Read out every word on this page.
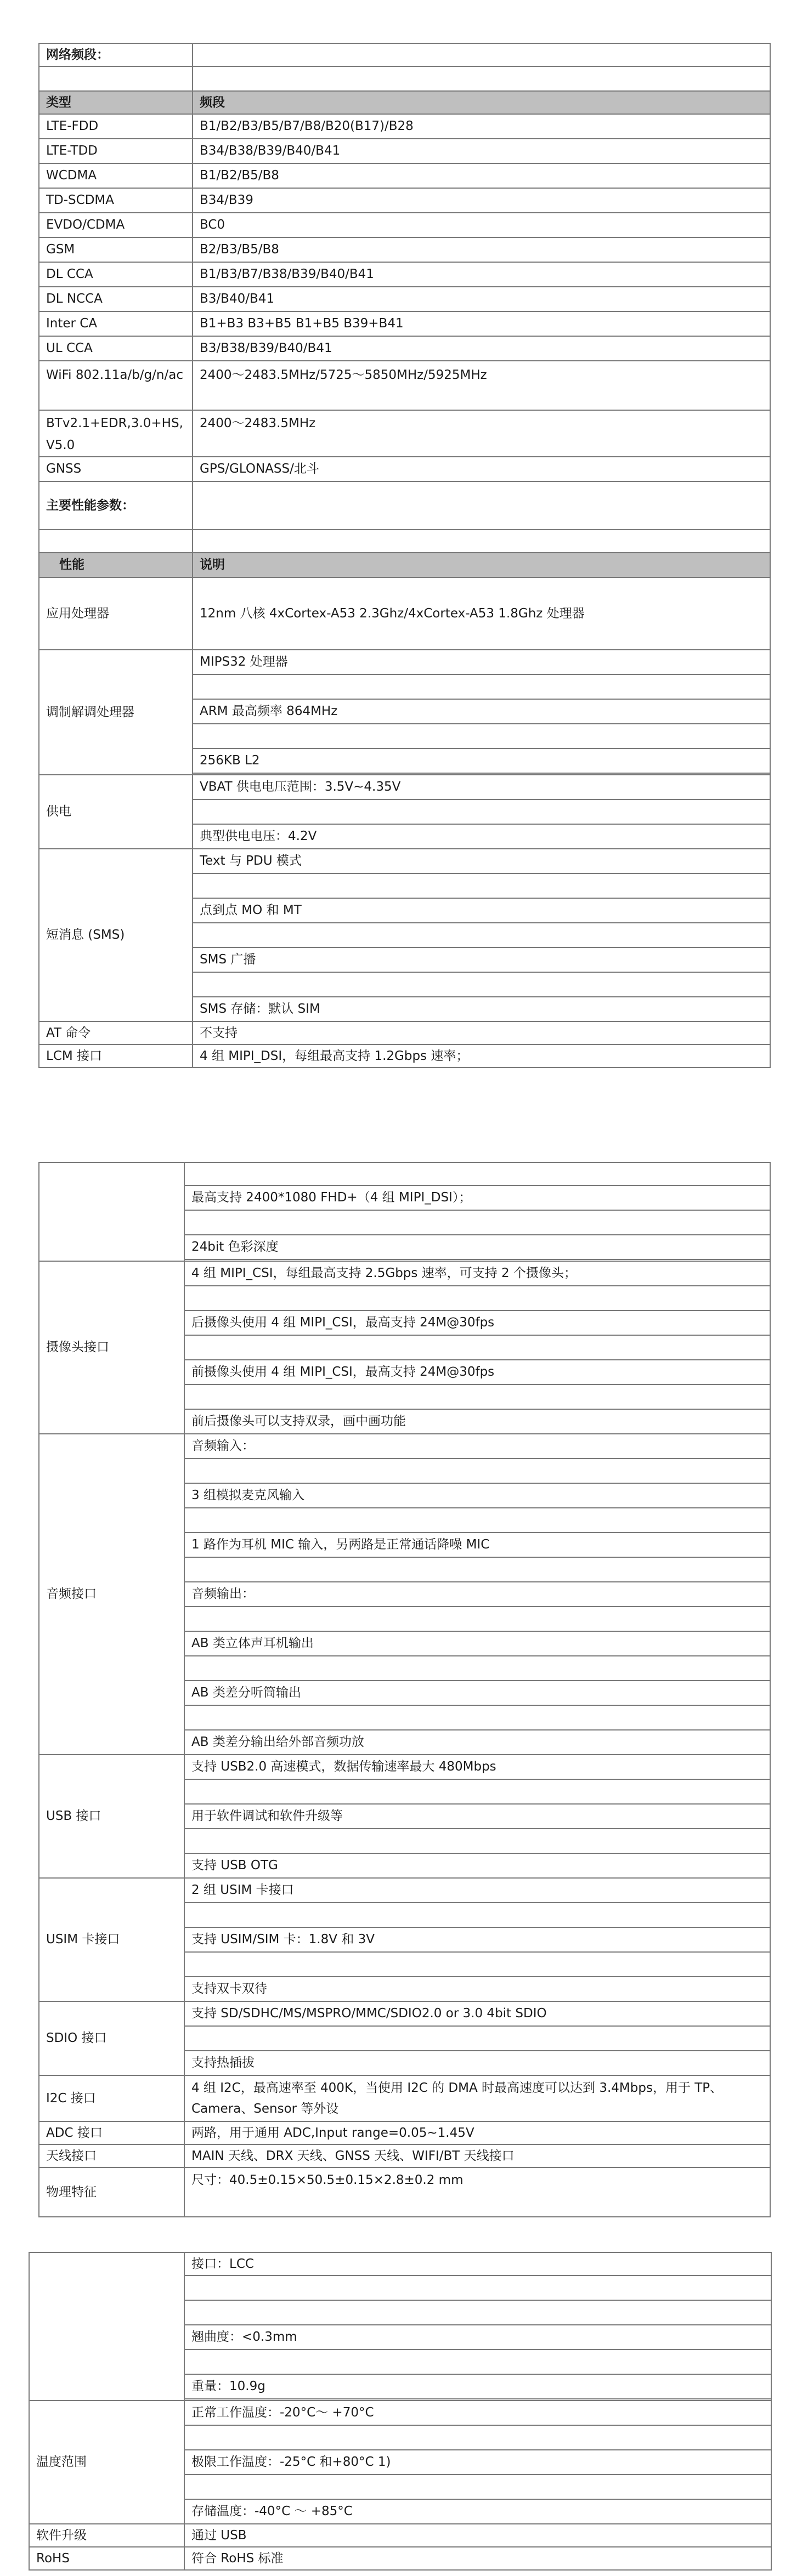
网络频段：	

类型	频段
LTE-FDD	B1/B2/B3/B5/B7/B8/B20(B17)/B28
LTE-TDD	B34/B38/B39/B40/B41
WCDMA	B1/B2/B5/B8
TD-SCDMA	B34/B39
EVDO/CDMA	BC0
GSM	B2/B3/B5/B8
DL CCA	B1/B3/B7/B38/B39/B40/B41
DL NCCA	B3/B40/B41
Inter CA	B1+B3 B3+B5 B1+B5 B39+B41
UL CCA	B3/B38/B39/B40/B41
WiFi 802.11a/b/g/n/ac	2400～2483.5MHz/5725～5850MHz/5925MHz
BTv2.1+EDR,3.0+HS, V5.0	2400～2483.5MHz
GNSS	GPS/GLONASS/北斗
主要性能参数：	

性能	说明
应用处理器	12nm 八核 4xCortex-A53 2.3Ghz/4xCortex-A53 1.8Ghz 处理器
调制解调处理器	MIPS32 处理器

	ARM 最高频率 864MHz

	256KB L2

供电	VBAT 供电电压范围：3.5V~4.35V

	典型供电电压：4.2V
短消息 (SMS)	Text 与 PDU 模式

	点到点 MO 和 MT

	SMS 广播

	SMS 存储：默认 SIM
AT 命令	不支持
LCM 接口	4 组 MIPI_DSI，每组最高支持 1.2Gbps 速率；

	最高支持 2400*1080 FHD+（4 组 MIPI_DSI）；

	24bit 色彩深度

摄像头接口	4 组 MIPI_CSI，每组最高支持 2.5Gbps 速率，可支持 2 个摄像头；

	后摄像头使用 4 组 MIPI_CSI，最高支持 24M@30fps

	前摄像头使用 4 组 MIPI_CSI，最高支持 24M@30fps

	前后摄像头可以支持双录，画中画功能
音频接口	音频输入：

	3 组模拟麦克风输入

	1 路作为耳机 MIC 输入，另两路是正常通话降噪 MIC

	音频输出：

	AB 类立体声耳机输出

	AB 类差分听筒输出

	AB 类差分输出给外部音频功放
USB 接口	支持 USB2.0 高速模式，数据传输速率最大 480Mbps

	用于软件调试和软件升级等

	支持 USB OTG
USIM 卡接口	2 组 USIM 卡接口

	支持 USIM/SIM 卡：1.8V 和 3V

	支持双卡双待
SDIO 接口	支持 SD/SDHC/MS/MSPRO/MMC/SDIO2.0 or 3.0 4bit SDIO

	支持热插拔
I2C 接口	4 组 I2C，最高速率至 400K，当使用 I2C 的 DMA 时最高速度可以达到 3.4Mbps，用于 TP、Camera、Sensor 等外设
ADC 接口	两路，用于通用 ADC,Input range=0.05~1.45V
天线接口	MAIN 天线、DRX 天线、GNSS 天线、WIFI/BT 天线接口
物理特征	尺寸：40.5±0.15×50.5±0.15×2.8±0.2 mm
	接口：LCC

	翘曲度：<0.3mm

	重量：10.9g

温度范围	正常工作温度：-20°C～ +70°C

	极限工作温度：-25°C 和+80°C 1)

	存储温度：-40°C ～ +85°C
软件升级	通过 USB
RoHS	符合 RoHS 标准
